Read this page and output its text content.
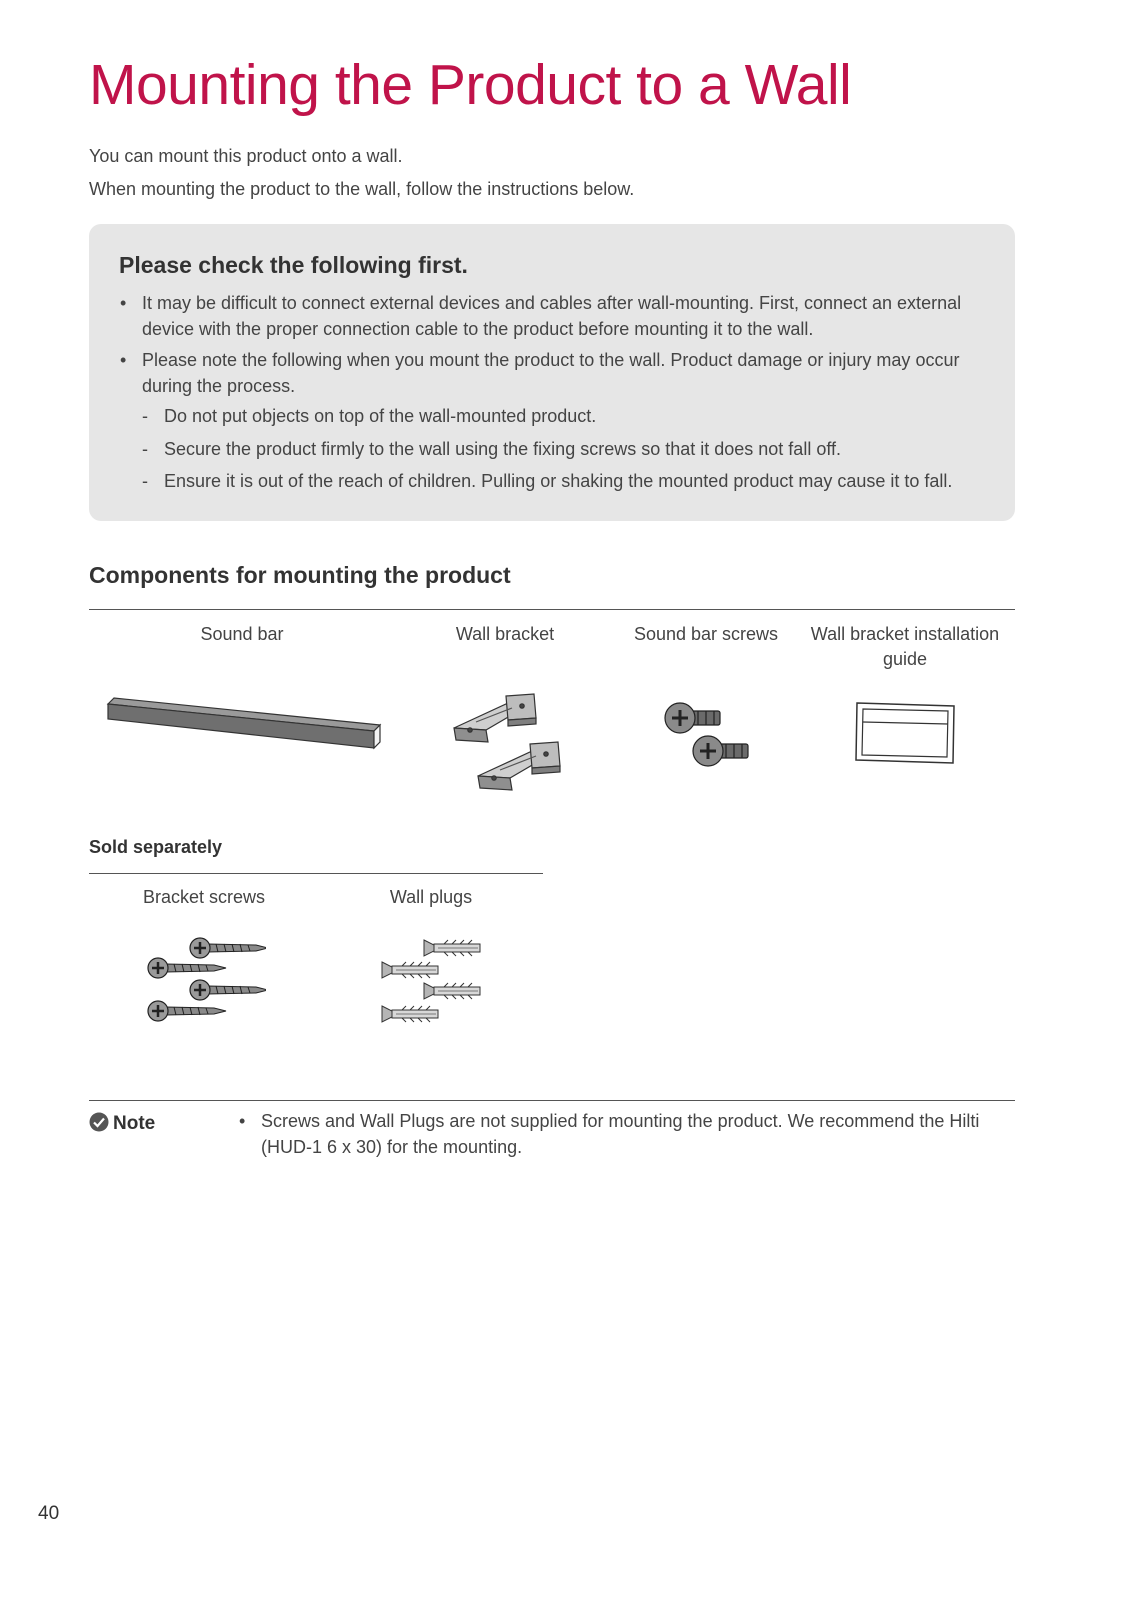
Mounting the Product to a Wall
You can mount this product onto a wall.
When mounting the product to the wall, follow the instructions below.
Please check the following first.
• It may be difficult to connect external devices and cables after wall-mounting. First, connect an external device with the proper connection cable to the product before mounting it to the wall.
• Please note the following when you mount the product to the wall. Product damage or injury may occur during the process.
- Do not put objects on top of the wall-mounted product.
- Secure the product firmly to the wall using the fixing screws so that it does not fall off.
- Ensure it is out of the reach of children. Pulling or shaking the mounted product may cause it to fall.
Components for mounting the product
Sound bar	Wall bracket	Sound bar screws	Wall bracket installation guide
Sold separately
Bracket screws	Wall plugs
Note	• Screws and Wall Plugs are not supplied for mounting the product. We recommend the Hilti (HUD-1 6 x 30) for the mounting.
40
